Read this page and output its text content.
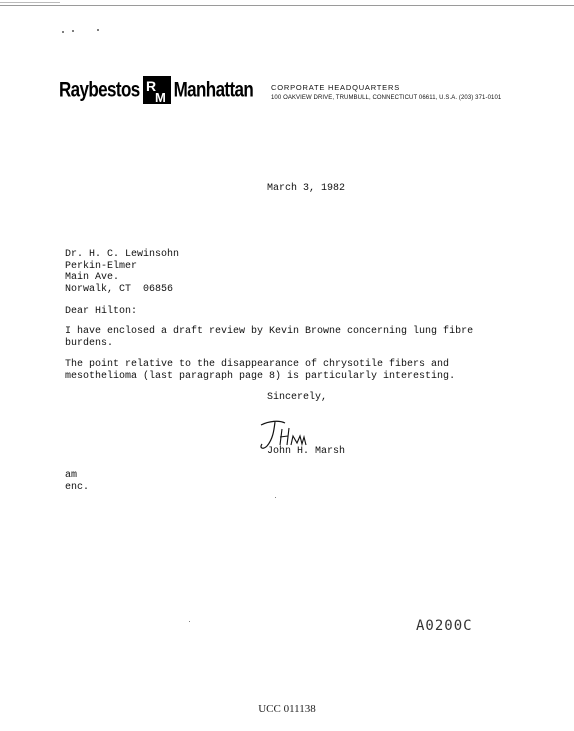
Raybestos R
M Manhattan CORPORATE HEADQUARTERS
100 OAKVIEW DRIVE, TRUMBULL, CONNECTICUT 06611, U.S.A. (203) 371-0101
March 3, 1982
Dr. H. C. Lewinsohn
Perkin-Elmer
Main Ave.
Norwalk, CT  06856
Dear Hilton:
I have enclosed a draft review by Kevin Browne concerning lung fibre
burdens.
The point relative to the disappearance of chrysotile fibers and
mesothelioma (last paragraph page 8) is particularly interesting.
Sincerely,
John H. Marsh
am
enc.
A0200C
UCC 011138
